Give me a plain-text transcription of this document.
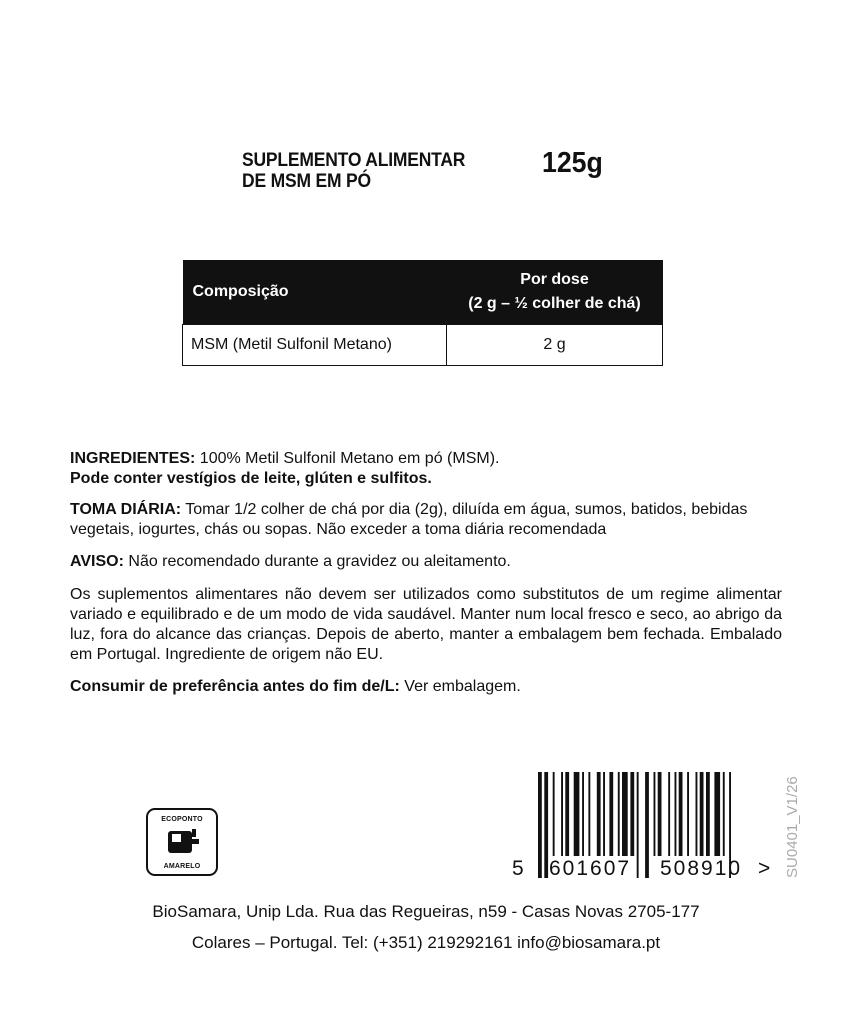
SUPLEMENTO ALIMENTAR
DE MSM EM PÓ
125g
Composição	Por dose
(2 g – ½ colher de chá)

MSM (Metil Sulfonil Metano)	2 g
INGREDIENTES: 100% Metil Sulfonil Metano em pó (MSM).
Pode conter vestígios de leite, glúten e sulfitos.
TOMA DIÁRIA: Tomar 1/2 colher de chá por dia (2g), diluída em água, sumos, batidos, bebidas vegetais, iogurtes, chás ou sopas. Não exceder a toma diária recomendada
AVISO: Não recomendado durante a gravidez ou aleitamento.
Os suplementos alimentares não devem ser utilizados como substitutos de um regime alimentar variado e equilibrado e de um modo de vida saudável. Manter num local fresco e seco, ao abrigo da luz, fora do alcance das crianças. Depois de aberto, manter a embalagem bem fechada. Embalado em Portugal. Ingrediente de origem não EU.
Consumir de preferência antes do fim de/L: Ver embalagem.
ECOPONTO
AMARELO	5 601607 508910 > SU0401_V1/26
BioSamara, Unip Lda. Rua das Regueiras, n59 - Casas Novas 2705-177
Colares – Portugal. Tel: (+351) 219292161 info@biosamara.pt
